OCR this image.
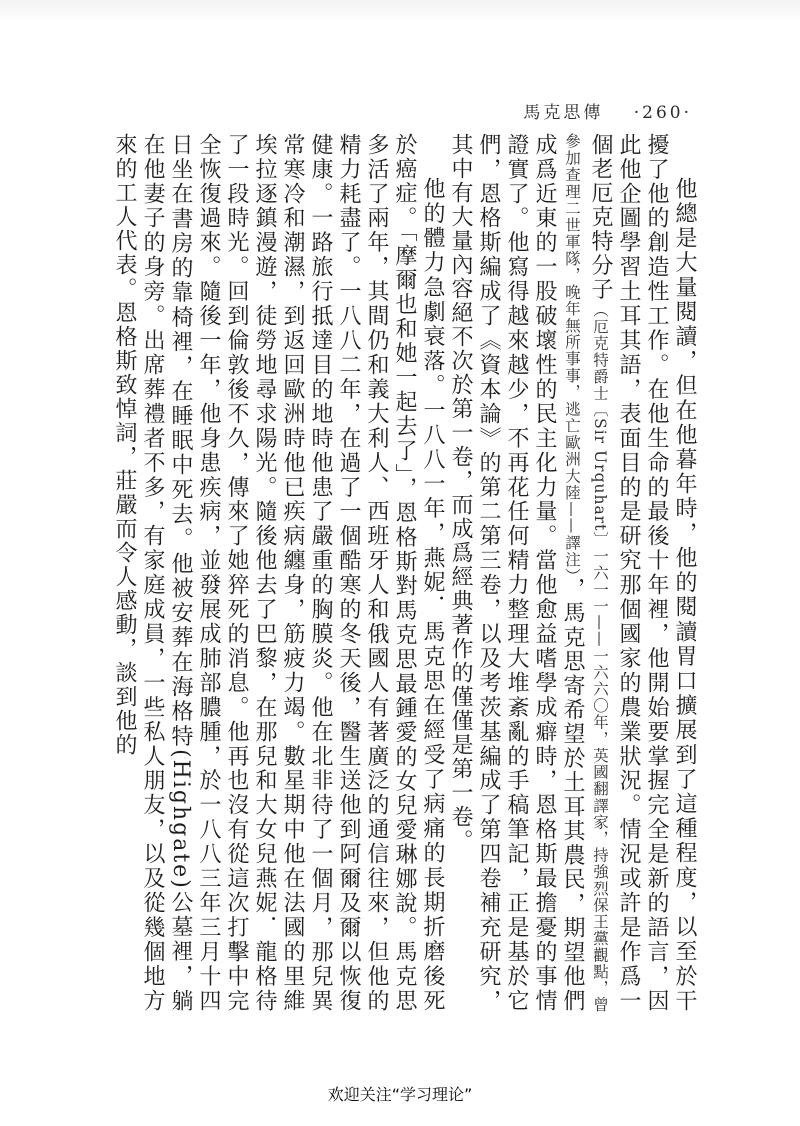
馬克思傳 ·260·

他總是大量閱讀，但在他暮年時，他的閱讀胃口擴展到了這種程度，以至於干擾了他的創造性工作。在他生命的最後十年裡，他開始要掌握完全是新的語言，因此他企圖學習土耳其語，表面目的是研究那個國家的農業狀況。情況或許是作爲一個老厄克特分子（厄克特爵士〔Sir Urquhart〕一六一一——一六六〇年，英國翻譯家，持強烈保王黨觀點，曾參加查理二世軍隊，晚年無所事事，逃亡歐洲大陸——譯注），馬克思寄希望於土耳其農民，期望他們成爲近東的一股破壞性的民主化力量。當他愈益嗜學成癖時，恩格斯最擔憂的事情證實了。他寫得越來越少，不再花任何精力整理大堆紊亂的手稿筆記，正是基於它們，恩格斯編成了《資本論》的第二第三卷，以及考茨基編成了第四卷補充研究，其中有大量內容絕不次於第一卷，而成爲經典著作的僅僅是第一卷。

他的體力急劇衰落。一八八一年，燕妮．馬克思在經受了病痛的長期折磨後死於癌症。「摩爾也和她一起去了」，恩格斯對馬克思最鍾愛的女兒愛琳娜說。馬克思多活了兩年，其間仍和義大利人、西班牙人和俄國人有著廣泛的通信往來，但他的精力耗盡了。一八八二年，在過了一個酷寒的冬天後，醫生送他到阿爾及爾以恢復健康。一路旅行抵達目的地時他患了嚴重的胸膜炎。他在北非待了一個月，那兒異常寒冷和潮濕，到返回歐洲時他已疾病纏身，筋疲力竭。數星期中他在法國的里維埃拉逐鎮漫遊，徒勞地尋求陽光。隨後他去了巴黎，在那兒和大女兒燕妮．龍格待了一段時光。回到倫敦後不久，傳來了她猝死的消息。他再也沒有從這次打擊中完全恢復過來。隨後一年，他身患疾病，並發展成肺部膿腫，於一八八三年三月十四日坐在書房的靠椅裡，在睡眠中死去。他被安葬在海格特(Highgate)公墓裡，躺在他妻子的身旁。出席葬禮者不多，有家庭成員，一些私人朋友，以及從幾個地方來的工人代表。恩格斯致悼詞，莊嚴而令人感動，談到他的

欢迎关注“学习理论”
